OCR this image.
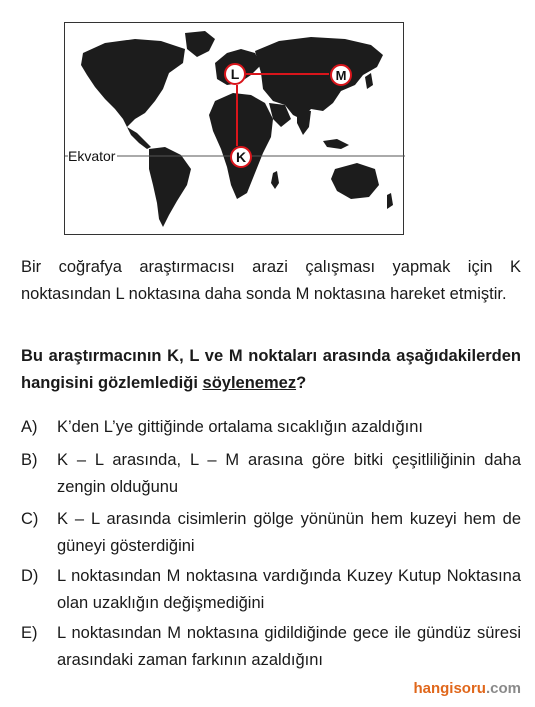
L	M
K
Ekvator
Bir coğrafya araştırmacısı arazi çalışması yapmak için K noktasından L noktasına daha sonda M noktasına hareket etmiştir.
Bu araştırmacının K, L ve M noktaları arasında aşağıdakilerden hangisini gözlemlediği söylenemez?
A) K’den L’ye gittiğinde ortalama sıcaklığın azaldığını
B) K – L arasında, L – M arasına göre bitki çeşitliliğinin daha zengin olduğunu
C) K – L arasında cisimlerin gölge yönünün hem kuzeyi hem de güneyi gösterdiğini
D) L noktasından M noktasına vardığında Kuzey Kutup Noktasına olan uzaklığın değişmediğini
E) L noktasından M noktasına gidildiğinde gece ile gündüz süresi arasındaki zaman farkının azaldığını
hangisoru.com
